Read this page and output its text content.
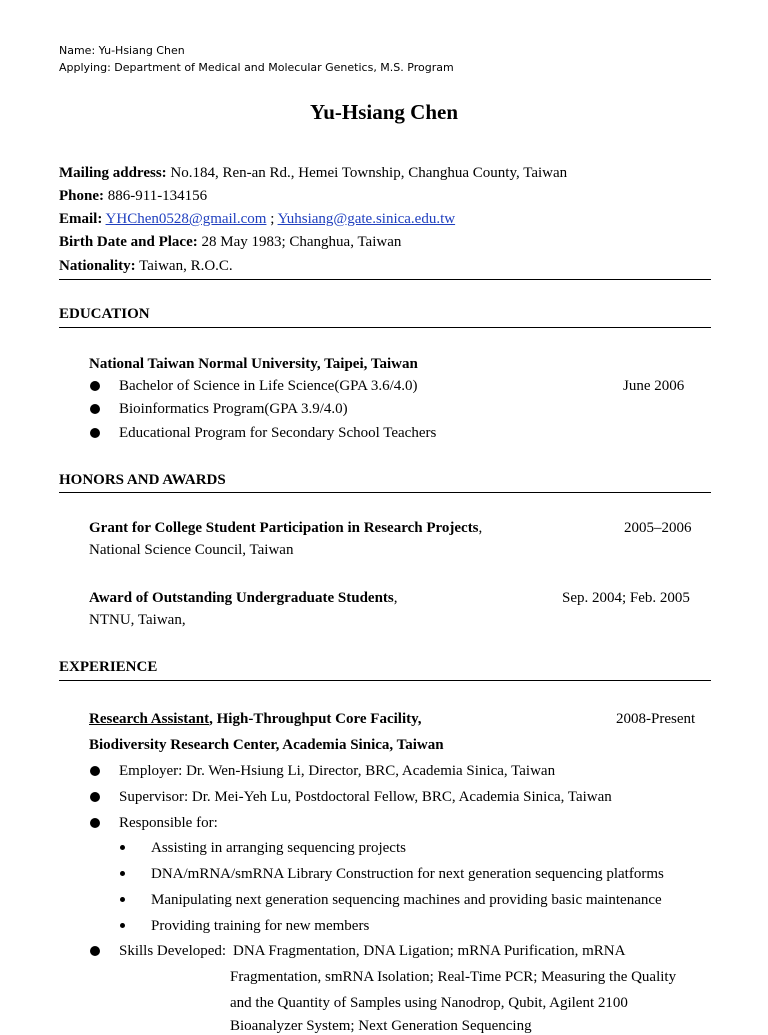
Name: Yu-Hsiang Chen
Applying: Department of Medical and Molecular Genetics, M.S. Program
Yu-Hsiang Chen
Mailing address: No.184, Ren-an Rd., Hemei Township, Changhua County, Taiwan
Phone: 886-911-134156
Email: YHChen0528@gmail.com ; Yuhsiang@gate.sinica.edu.tw
Birth Date and Place: 28 May 1983; Changhua, Taiwan
Nationality: Taiwan, R.O.C.
EDUCATION
National Taiwan Normal University, Taipei, Taiwan
Bachelor of Science in Life Science(GPA 3.6/4.0)	June 2006
Bioinformatics Program(GPA 3.9/4.0)
Educational Program for Secondary School Teachers
HONORS AND AWARDS
Grant for College Student Participation in Research Projects,	2005–2006
National Science Council, Taiwan
Award of Outstanding Undergraduate Students,	Sep. 2004; Feb. 2005
NTNU, Taiwan,
EXPERIENCE
Research Assistant, High-Throughput Core Facility,	2008-Present
Biodiversity Research Center, Academia Sinica, Taiwan
Employer: Dr. Wen-Hsiung Li, Director, BRC, Academia Sinica, Taiwan
Supervisor: Dr. Mei-Yeh Lu, Postdoctoral Fellow, BRC, Academia Sinica, Taiwan
Responsible for:
Assisting in arranging sequencing projects
DNA/mRNA/smRNA Library Construction for next generation sequencing platforms
Manipulating next generation sequencing machines and providing basic maintenance
Providing training for new members
Skills Developed: DNA Fragmentation, DNA Ligation; mRNA Purification, mRNA
Fragmentation, smRNA Isolation; Real-Time PCR; Measuring the Quality
and the Quantity of Samples using Nanodrop, Qubit, Agilent 2100
Bioanalyzer System; Next Generation Sequencing
